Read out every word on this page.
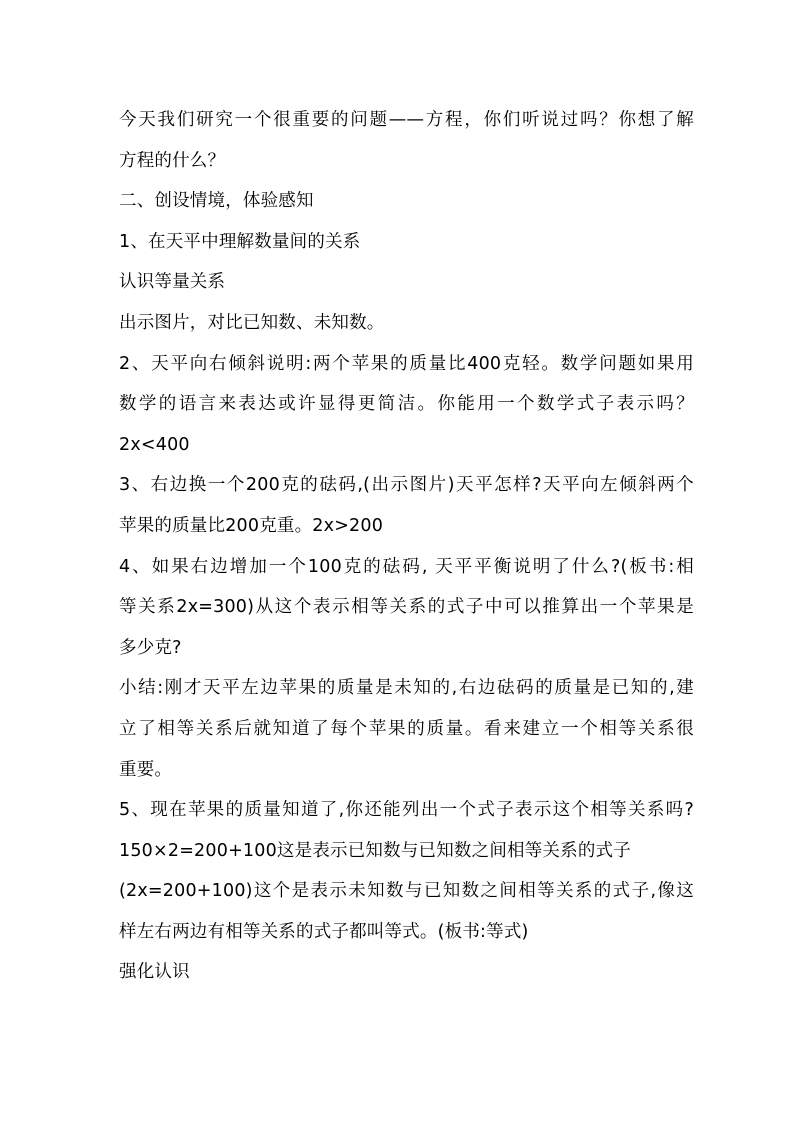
今天我们研究一个很重要的问题——方程，你们听说过吗？你想了解
方程的什么？
二、创设情境，体验感知
1、在天平中理解数量间的关系
认识等量关系
出示图片，对比已知数、未知数。
2、天平向右倾斜说明:两个苹果的质量比400克轻。数学问题如果用
数学的语言来表达或许显得更简洁。你能用一个数学式子表示吗？
2x<400
3、右边换一个200克的砝码,(出示图片)天平怎样?天平向左倾斜两个
苹果的质量比200克重。2x>200
4、如果右边增加一个100克的砝码, 天平平衡说明了什么?(板书:相
等关系2x=300)从这个表示相等关系的式子中可以推算出一个苹果是
多少克?
小结:刚才天平左边苹果的质量是未知的,右边砝码的质量是已知的,建
立了相等关系后就知道了每个苹果的质量。看来建立一个相等关系很
重要。
5、现在苹果的质量知道了,你还能列出一个式子表示这个相等关系吗?
150×2=200+100这是表示已知数与已知数之间相等关系的式子
(2x=200+100)这个是表示未知数与已知数之间相等关系的式子,像这
样左右两边有相等关系的式子都叫等式。(板书:等式)
强化认识
